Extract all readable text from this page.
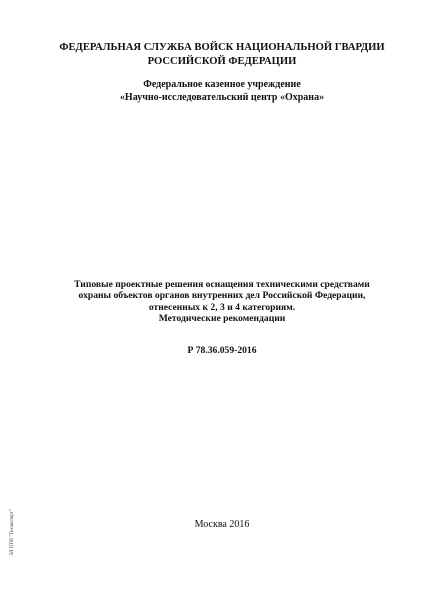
ФЕДЕРАЛЬНАЯ СЛУЖБА ВОЙСК НАЦИОНАЛЬНОЙ ГВАРДИИ
РОССИЙСКОЙ ФЕДЕРАЦИИ
Федеральное казенное учреждение
«Научно-исследовательский центр «Охрана»
Типовые проектные решения оснащения техническими средствами
охраны объектов органов внутренних дел Российской Федерации,
отнесенных к 2, 3 и 4 категориям.
Методические рекомендации
Р 78.36.059-2016
Москва 2016
ЭЛ ПТИ "Техэксперт"
